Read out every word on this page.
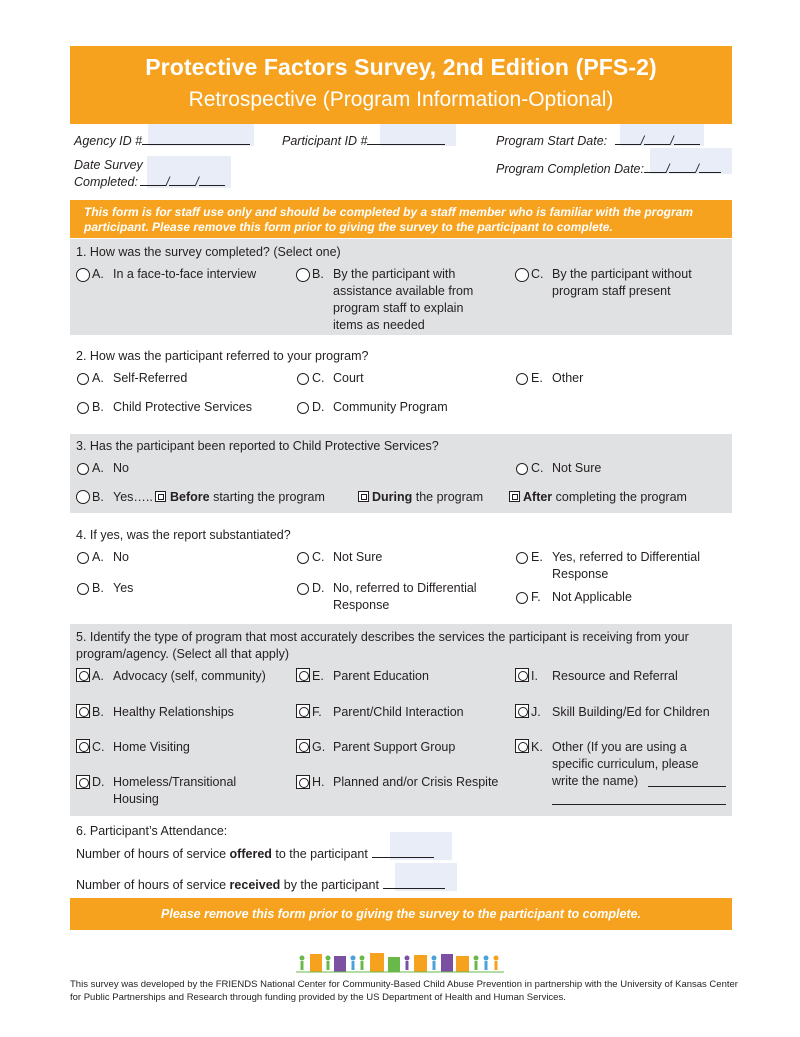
Protective Factors Survey, 2nd Edition (PFS-2)
Retrospective (Program Information-Optional)
Agency ID #	Participant ID #	Program Start Date:	/ /
Date Survey
Completed: / /
Program Completion Date: / /
This form is for staff use only and should be completed by a staff member who is familiar with the program participant. Please remove this form prior to giving the survey to the participant to complete.
1. How was the survey completed? (Select one)
A. In a face-to-face interview	B. By the participant with assistance available from program staff to explain items as needed
C. By the participant without program staff present
2. How was the participant referred to your program?
A. Self-Referred
B. Child Protective Services
C. Court
D. Community Program
E. Other
3. Has the participant been reported to Child Protective Services?
A. No	C. Not Sure
B. Yes….. Before starting the program	During the program	After completing the program
4. If yes, was the report substantiated?
A. No
B. Yes
C. Not Sure
D. No, referred to Differential Response
E. Yes, referred to Differential Response
F. Not Applicable
5. Identify the type of program that most accurately describes the services the participant is receiving from your program/agency. (Select all that apply)
A. Advocacy (self, community)
B. Healthy Relationships
C. Home Visiting
D. Homeless/Transitional Housing
E. Parent Education
F. Parent/Child Interaction
G. Parent Support Group
H. Planned and/or Crisis Respite
I. Resource and Referral
J. Skill Building/Ed for Children
K. Other (If you are using a specific curriculum, please write the name)
6. Participant’s Attendance:
Number of hours of service offered to the participant
Number of hours of service received by the participant
Please remove this form prior to giving the survey to the participant to complete.
This survey was developed by the FRIENDS National Center for Community-Based Child Abuse Prevention in partnership with the University of Kansas Center for Public Partnerships and Research through funding provided by the US Department of Health and Human Services.
